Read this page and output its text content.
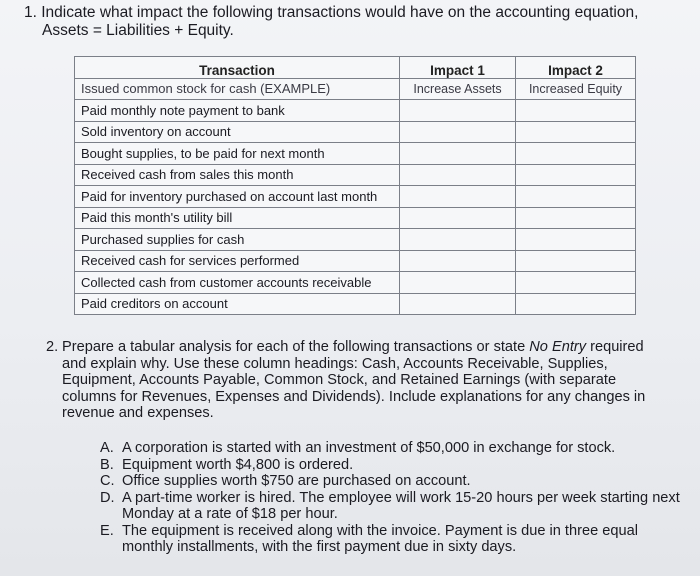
1. Indicate what impact the following transactions would have on the accounting equation,
Assets = Liabilities + Equity.
Transaction	Impact 1	Impact 2
Issued common stock for cash (EXAMPLE)	Increase Assets	Increased Equity
Paid monthly note payment to bank		
Sold inventory on account		
Bought supplies, to be paid for next month		
Received cash from sales this month		
Paid for inventory purchased on account last month		
Paid this month's utility bill		
Purchased supplies for cash		
Received cash for services performed		
Collected cash from customer accounts receivable		
Paid creditors on account		
2. Prepare a tabular analysis for each of the following transactions or state No Entry required and explain why. Use these column headings: Cash, Accounts Receivable, Supplies, Equipment, Accounts Payable, Common Stock, and Retained Earnings (with separate columns for Revenues, Expenses and Dividends). Include explanations for any changes in revenue and expenses.
A. A corporation is started with an investment of $50,000 in exchange for stock.
B. Equipment worth $4,800 is ordered.
C. Office supplies worth $750 are purchased on account.
D. A part-time worker is hired. The employee will work 15-20 hours per week starting next Monday at a rate of $18 per hour.
E. The equipment is received along with the invoice. Payment is due in three equal monthly installments, with the first payment due in sixty days.
